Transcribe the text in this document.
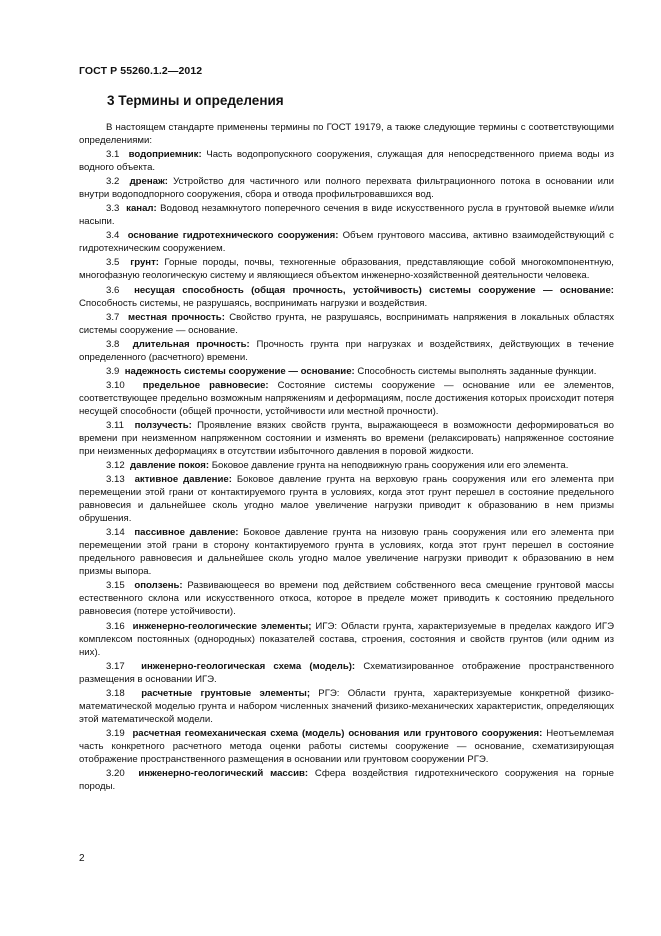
ГОСТ Р 55260.1.2—2012
3 Термины и определения

В настоящем стандарте применены термины по ГОСТ 19179, а также следующие термины с соответствующими определениями:

3.1 водоприемник: Часть водопропускного сооружения, служащая для непосредственного приема воды из водного объекта.

3.2 дренаж: Устройство для частичного или полного перехвата фильтрационного потока в основании или внутри водоподпорного сооружения, сбора и отвода профильтровавшихся вод.

3.3 канал: Водовод незамкнутого поперечного сечения в виде искусственного русла в грунтовой выемке и/или насыпи.

3.4 основание гидротехнического сооружения: Объем грунтового массива, активно взаимодействующий с гидротехническим сооружением.

3.5 грунт: Горные породы, почвы, техногенные образования, представляющие собой многокомпонентную, многофазную геологическую систему и являющиеся объектом инженерно-хозяйственной деятельности человека.

3.6 несущая способность (общая прочность, устойчивость) системы сооружение — основание: Способность системы, не разрушаясь, воспринимать нагрузки и воздействия.

3.7 местная прочность: Свойство грунта, не разрушаясь, воспринимать напряжения в локальных областях системы сооружение — основание.

3.8 длительная прочность: Прочность грунта при нагрузках и воздействиях, действующих в течение определенного (расчетного) времени.

3.9 надежность системы сооружение — основание: Способность системы выполнять заданные функции.

3.10 предельное равновесие: Состояние системы сооружение — основание или ее элементов, соответствующее предельно возможным напряжениям и деформациям, после достижения которых происходит потеря несущей способности (общей прочности, устойчивости или местной прочности).

3.11 ползучесть: Проявление вязких свойств грунта, выражающееся в возможности деформироваться во времени при неизменном напряженном состоянии и изменять во времени (релаксировать) напряженное состояние при неизменных деформациях в отсутствии избыточного давления в поровой жидкости.

3.12 давление покоя: Боковое давление грунта на неподвижную грань сооружения или его элемента.

3.13 активное давление: Боковое давление грунта на верховую грань сооружения или его элемента при перемещении этой грани от контактируемого грунта в условиях, когда этот грунт перешел в состояние предельного равновесия и дальнейшее сколь угодно малое увеличение нагрузки приводит к образованию в нем призмы обрушения.

3.14 пассивное давление: Боковое давление грунта на низовую грань сооружения или его элемента при перемещении этой грани в сторону контактируемого грунта в условиях, когда этот грунт перешел в состояние предельного равновесия и дальнейшее сколь угодно малое увеличение нагрузки приводит к образованию в нем призмы выпора.

3.15 оползень: Развивающееся во времени под действием собственного веса смещение грунтовой массы естественного склона или искусственного откоса, которое в пределе может приводить к состоянию предельного равновесия (потере устойчивости).

3.16 инженерно-геологические элементы; ИГЭ: Области грунта, характеризуемые в пределах каждого ИГЭ комплексом постоянных (однородных) показателей состава, строения, состояния и свойств грунтов (или одним из них).

3.17 инженерно-геологическая схема (модель): Схематизированное отображение пространственного размещения в основании ИГЭ.

3.18 расчетные грунтовые элементы; РГЭ: Области грунта, характеризуемые конкретной физико-математической моделью грунта и набором численных значений физико-механических характеристик, определяющих этой математической модели.

3.19 расчетная геомеханическая схема (модель) основания или грунтового сооружения: Неотъемлемая часть конкретного расчетного метода оценки работы системы сооружение — основание, схематизирующая отображение пространственного размещения в основании или грунтовом сооружении РГЭ.

3.20 инженерно-геологический массив: Сфера воздействия гидротехнического сооружения на горные породы.

2
